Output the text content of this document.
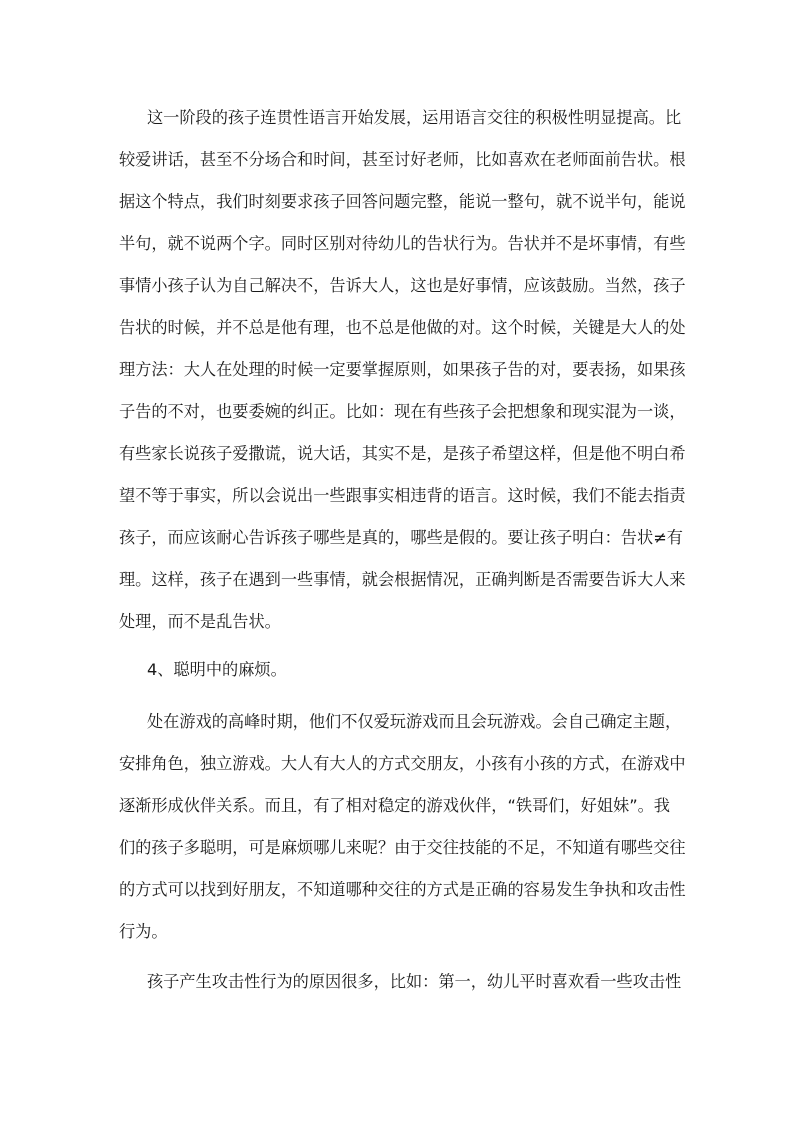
这一阶段的孩子连贯性语言开始发展，运用语言交往的积极性明显提高。比
较爱讲话，甚至不分场合和时间，甚至讨好老师，比如喜欢在老师面前告状。根
据这个特点，我们时刻要求孩子回答问题完整，能说一整句，就不说半句，能说
半句，就不说两个字。同时区别对待幼儿的告状行为。告状并不是坏事情，有些
事情小孩子认为自己解决不，告诉大人，这也是好事情，应该鼓励。当然，孩子
告状的时候，并不总是他有理，也不总是他做的对。这个时候，关键是大人的处
理方法：大人在处理的时候一定要掌握原则，如果孩子告的对，要表扬，如果孩
子告的不对，也要委婉的纠正。比如：现在有些孩子会把想象和现实混为一谈，
有些家长说孩子爱撒谎，说大话，其实不是，是孩子希望这样，但是他不明白希
望不等于事实，所以会说出一些跟事实相违背的语言。这时候，我们不能去指责
孩子，而应该耐心告诉孩子哪些是真的，哪些是假的。要让孩子明白：告状≠有
理。这样，孩子在遇到一些事情，就会根据情况，正确判断是否需要告诉大人来
处理，而不是乱告状。
4、聪明中的麻烦。
处在游戏的高峰时期，他们不仅爱玩游戏而且会玩游戏。会自己确定主题，
安排角色，独立游戏。大人有大人的方式交朋友，小孩有小孩的方式，在游戏中
逐渐形成伙伴关系。而且，有了相对稳定的游戏伙伴，“铁哥们，好姐妹”。我
们的孩子多聪明，可是麻烦哪儿来呢？由于交往技能的不足，不知道有哪些交往
的方式可以找到好朋友，不知道哪种交往的方式是正确的容易发生争执和攻击性
行为。
孩子产生攻击性行为的原因很多，比如：第一，幼儿平时喜欢看一些攻击性
